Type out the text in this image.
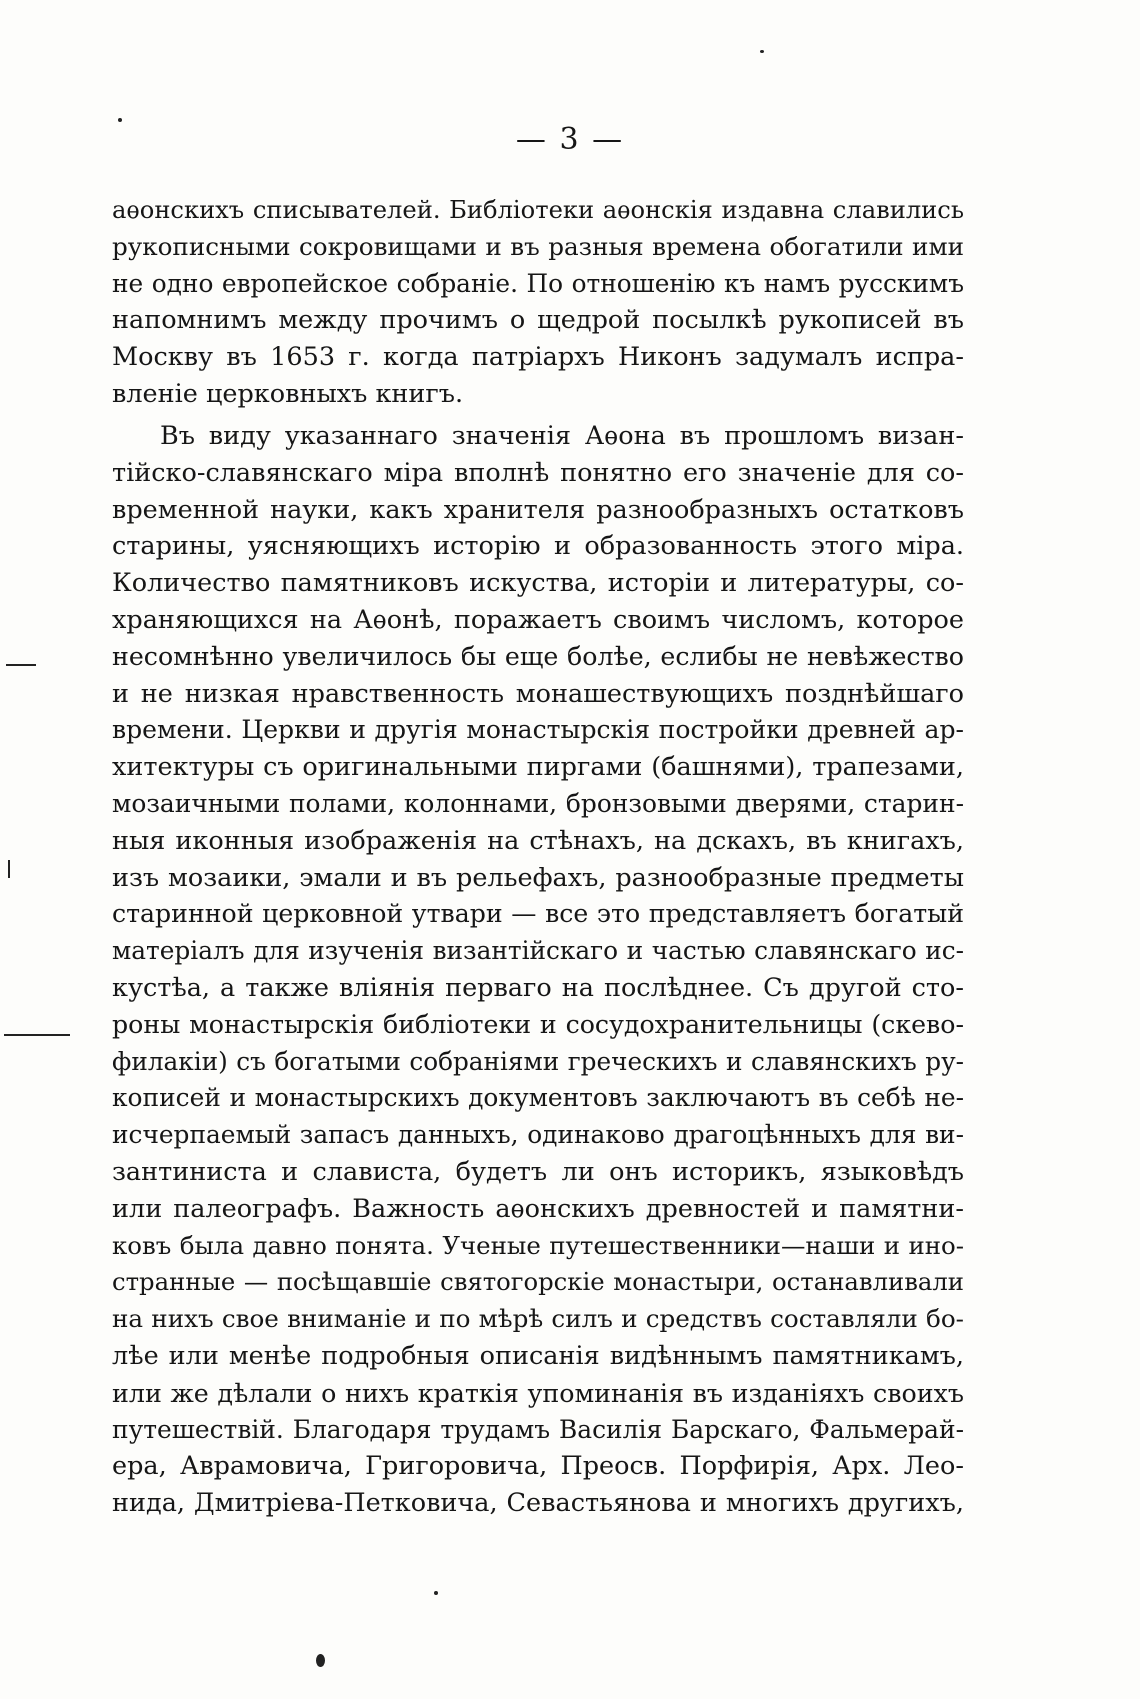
— 3 —

аѳонскихъ списывателей. Библіотеки аѳонскія издавна славились
рукописными сокровищами и въ разныя времена обогатили ими
не одно европейское собраніе. По отношенію къ намъ русскимъ
напомнимъ между прочимъ о щедрой посылкѣ рукописей въ
Москву въ 1653 г. когда патріархъ Никонъ задумалъ испра-
вленіе церковныхъ книгъ.
Въ виду указаннаго значенія Аѳона въ прошломъ визан-
тійско-славянскаго міра вполнѣ понятно его значеніе для со-
временной науки, какъ хранителя разнообразныхъ остатковъ
старины, уясняющихъ исторію и образованность этого міра.
Количество памятниковъ искуства, исторіи и литературы, со-
храняющихся на Аѳонѣ, поражаетъ своимъ числомъ, которое
несомнѣнно увеличилось бы еще болѣе, еслибы не невѣжество
и не низкая нравственность монашествующихъ позднѣйшаго
времени. Церкви и другія монастырскія постройки древней ар-
хитектуры съ оригинальными пиргами (башнями), трапезами,
мозаичными полами, колоннами, бронзовыми дверями, старин-
ныя иконныя изображенія на стѣнахъ, на дскахъ, въ книгахъ,
изъ мозаики, эмали и въ рельефахъ, разнообразные предметы
старинной церковной утвари — все это представляетъ богатый
матеріалъ для изученія византійскаго и частью славянскаго ис-
кустѣа, а также вліянія перваго на послѣднее. Съ другой сто-
роны монастырскія библіотеки и сосудохранительницы (скево-
филакіи) съ богатыми собраніями греческихъ и славянскихъ ру-
кописей и монастырскихъ документовъ заключаютъ въ себѣ не-
исчерпаемый запасъ данныхъ, одинаково драгоцѣнныхъ для ви-
зантиниста и слависта, будетъ ли онъ историкъ, языковѣдъ
или палеографъ. Важность аѳонскихъ древностей и памятни-
ковъ была давно понята. Ученые путешественники—наши и ино-
странные — посѣщавшіе святогорскіе монастыри, останавливали
на нихъ свое вниманіе и по мѣрѣ силъ и средствъ составляли бо-
лѣе или менѣе подробныя описанія видѣннымъ памятникамъ,
или же дѣлали о нихъ краткія упоминанія въ изданіяхъ своихъ
путешествій. Благодаря трудамъ Василія Барскаго, Фальмерай-
ера, Аврамовича, Григоровича, Преосв. Порфирія, Арх. Лео-
нида, Дмитріева-Петковича, Севастьянова и многихъ другихъ,
